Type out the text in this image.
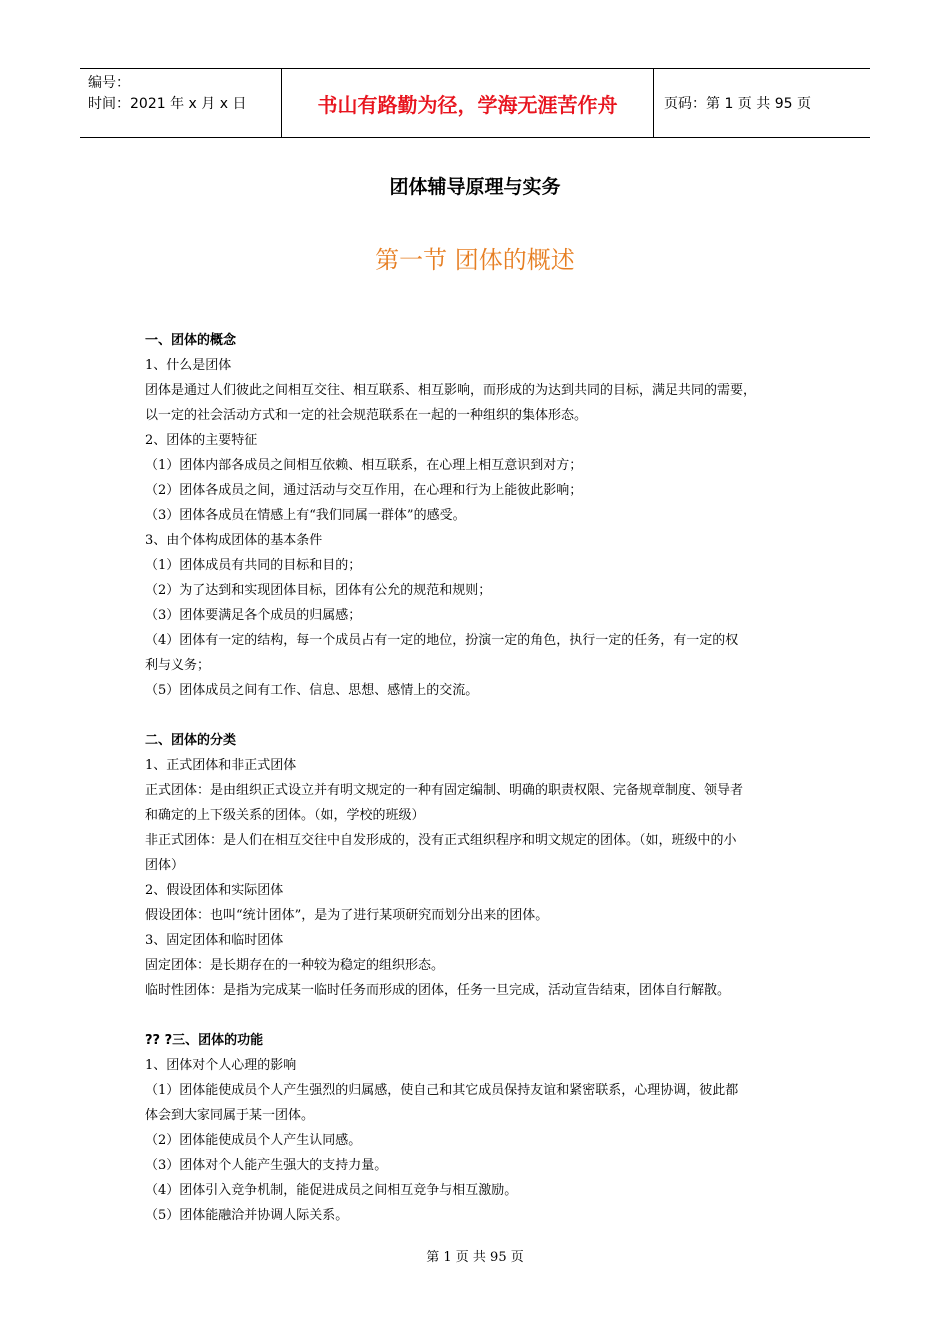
编号：
时间：2021 年 x 月 x 日	书山有路勤为径，学海无涯苦作舟	页码：第 1 页 共 95 页
团体辅导原理与实务
第一节 团体的概述
一、团体的概念
1、什么是团体
团体是通过人们彼此之间相互交往、相互联系、相互影响，而形成的为达到共同的目标，满足共同的需要，
以一定的社会活动方式和一定的社会规范联系在一起的一种组织的集体形态。
2、团体的主要特征
（1）团体内部各成员之间相互依赖、相互联系，在心理上相互意识到对方；
（2）团体各成员之间，通过活动与交互作用，在心理和行为上能彼此影响；
（3）团体各成员在情感上有“我们同属一群体”的感受。
3、由个体构成团体的基本条件
（1）团体成员有共同的目标和目的；
（2）为了达到和实现团体目标，团体有公允的规范和规则；
（3）团体要满足各个成员的归属感；
（4）团体有一定的结构，每一个成员占有一定的地位，扮演一定的角色，执行一定的任务，有一定的权
利与义务；
（5）团体成员之间有工作、信息、思想、感情上的交流。
二、团体的分类
1、正式团体和非正式团体
正式团体：是由组织正式设立并有明文规定的一种有固定编制、明确的职责权限、完备规章制度、领导者
和确定的上下级关系的团体。（如，学校的班级）
非正式团体：是人们在相互交往中自发形成的，没有正式组织程序和明文规定的团体。（如，班级中的小
团体）
2、假设团体和实际团体
假设团体：也叫“统计团体”，是为了进行某项研究而划分出来的团体。
3、固定团体和临时团体
固定团体：是长期存在的一种较为稳定的组织形态。
临时性团体：是指为完成某一临时任务而形成的团体，任务一旦完成，活动宣告结束，团体自行解散。
?? ?三、团体的功能
1、团体对个人心理的影响
（1）团体能使成员个人产生强烈的归属感，使自己和其它成员保持友谊和紧密联系，心理协调，彼此都
体会到大家同属于某一团体。
（2）团体能使成员个人产生认同感。
（3）团体对个人能产生强大的支持力量。
（4）团体引入竞争机制，能促进成员之间相互竞争与相互激励。
（5）团体能融洽并协调人际关系。
第 1 页 共 95 页
